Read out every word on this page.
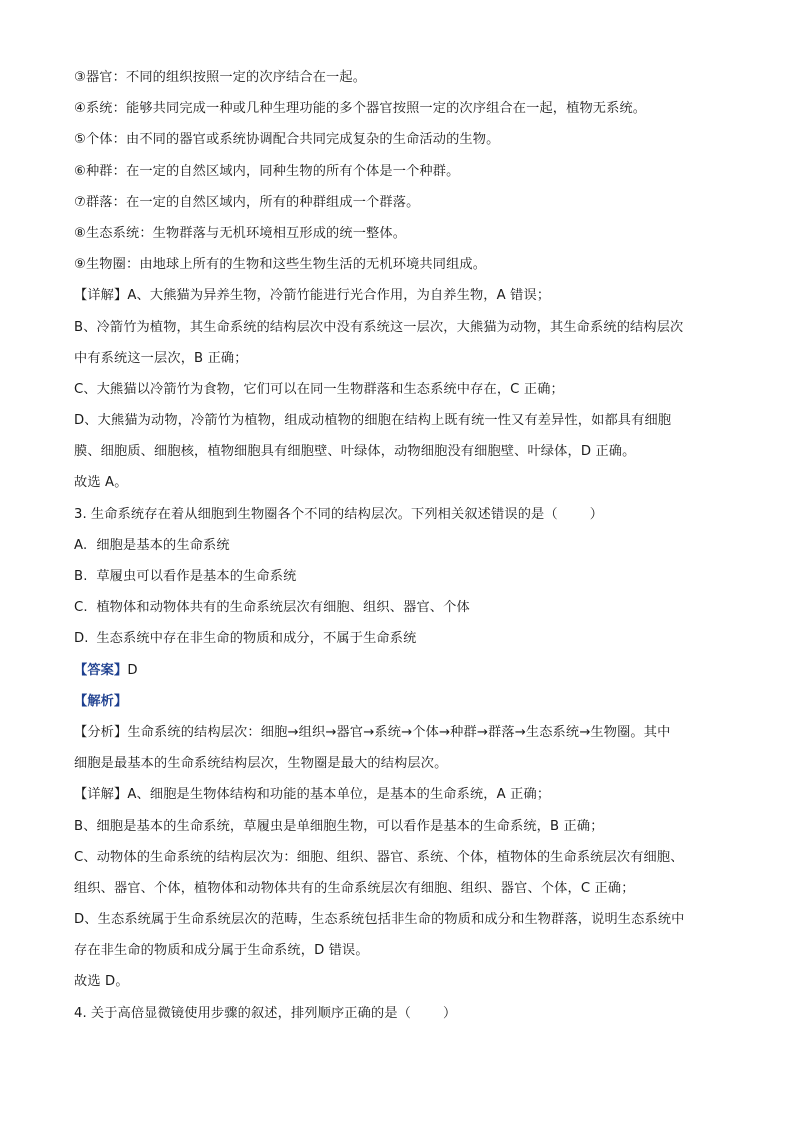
③器官：不同的组织按照一定的次序结合在一起。
④系统：能够共同完成一种或几种生理功能的多个器官按照一定的次序组合在一起，植物无系统。
⑤个体：由不同的器官或系统协调配合共同完成复杂的生命活动的生物。
⑥种群：在一定的自然区域内，同种生物的所有个体是一个种群。
⑦群落：在一定的自然区域内，所有的种群组成一个群落。
⑧生态系统：生物群落与无机环境相互形成的统一整体。
⑨生物圈：由地球上所有的生物和这些生物生活的无机环境共同组成。
【详解】A、大熊猫为异养生物，冷箭竹能进行光合作用，为自养生物，A 错误；
B、冷箭竹为植物，其生命系统的结构层次中没有系统这一层次，大熊猫为动物，其生命系统的结构层次
中有系统这一层次，B 正确；
C、大熊猫以冷箭竹为食物，它们可以在同一生物群落和生态系统中存在，C 正确；
D、大熊猫为动物，冷箭竹为植物，组成动植物的细胞在结构上既有统一性又有差异性，如都具有细胞
膜、细胞质、细胞核，植物细胞具有细胞壁、叶绿体，动物细胞没有细胞壁、叶绿体，D 正确。
故选 A。
3. 生命系统存在着从细胞到生物圈各个不同的结构层次。下列相关叙述错误的是（ ）
A. 细胞是基本的生命系统
B. 草履虫可以看作是基本的生命系统
C. 植物体和动物体共有的生命系统层次有细胞、组织、器官、个体
D. 生态系统中存在非生命的物质和成分，不属于生命系统
【答案】D
【解析】
【分析】生命系统的结构层次：细胞→组织→器官→系统→个体→种群→群落→生态系统→生物圈。其中
细胞是最基本的生命系统结构层次，生物圈是最大的结构层次。
【详解】A、细胞是生物体结构和功能的基本单位，是基本的生命系统，A 正确；
B、细胞是基本的生命系统，草履虫是单细胞生物，可以看作是基本的生命系统，B 正确；
C、动物体的生命系统的结构层次为：细胞、组织、器官、系统、个体，植物体的生命系统层次有细胞、
组织、器官、个体，植物体和动物体共有的生命系统层次有细胞、组织、器官、个体，C 正确；
D、生态系统属于生命系统层次的范畴，生态系统包括非生命的物质和成分和生物群落，说明生态系统中
存在非生命的物质和成分属于生命系统，D 错误。
故选 D。
4. 关于高倍显微镜使用步骤的叙述，排列顺序正确的是（ ）
